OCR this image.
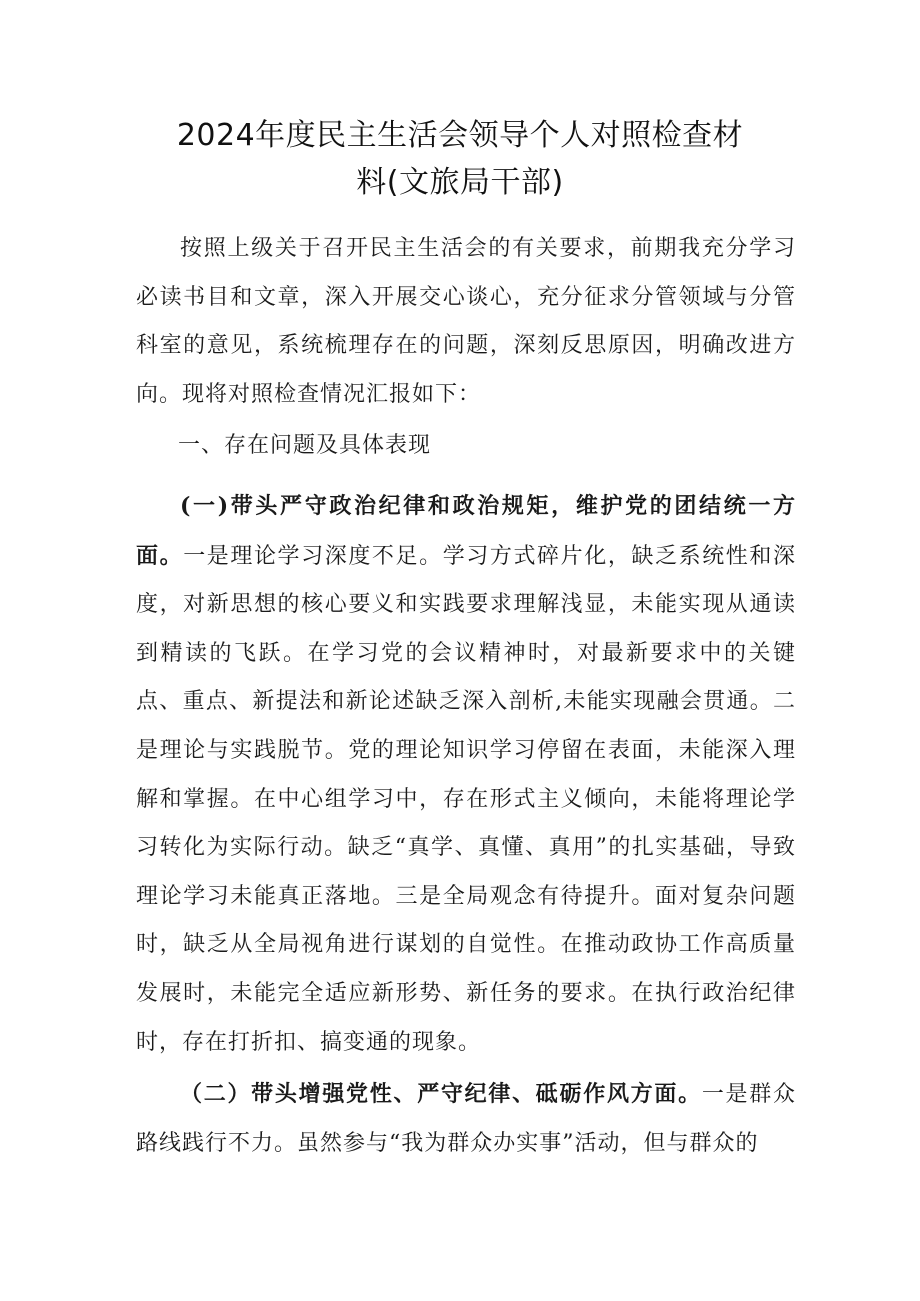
2024年度民主生活会领导个人对照检查材
料(文旅局干部)

按照上级关于召开民主生活会的有关要求，前期我充分学习必读书目和文章，深入开展交心谈心，充分征求分管领域与分管科室的意见，系统梳理存在的问题，深刻反思原因，明确改进方向。现将对照检查情况汇报如下：

一、存在问题及具体表现

(一)带头严守政治纪律和政治规矩，维护党的团结统一方面。一是理论学习深度不足。学习方式碎片化，缺乏系统性和深度，对新思想的核心要义和实践要求理解浅显，未能实现从通读到精读的飞跃。在学习党的会议精神时，对最新要求中的关键点、重点、新提法和新论述缺乏深入剖析,未能实现融会贯通。二是理论与实践脱节。党的理论知识学习停留在表面，未能深入理解和掌握。在中心组学习中，存在形式主义倾向，未能将理论学习转化为实际行动。缺乏“真学、真懂、真用”的扎实基础，导致理论学习未能真正落地。三是全局观念有待提升。面对复杂问题时，缺乏从全局视角进行谋划的自觉性。在推动政协工作高质量发展时，未能完全适应新形势、新任务的要求。在执行政治纪律时，存在打折扣、搞变通的现象。

（二）带头增强党性、严守纪律、砥砺作风方面。一是群众路线践行不力。虽然参与“我为群众办实事”活动，但与群众的
